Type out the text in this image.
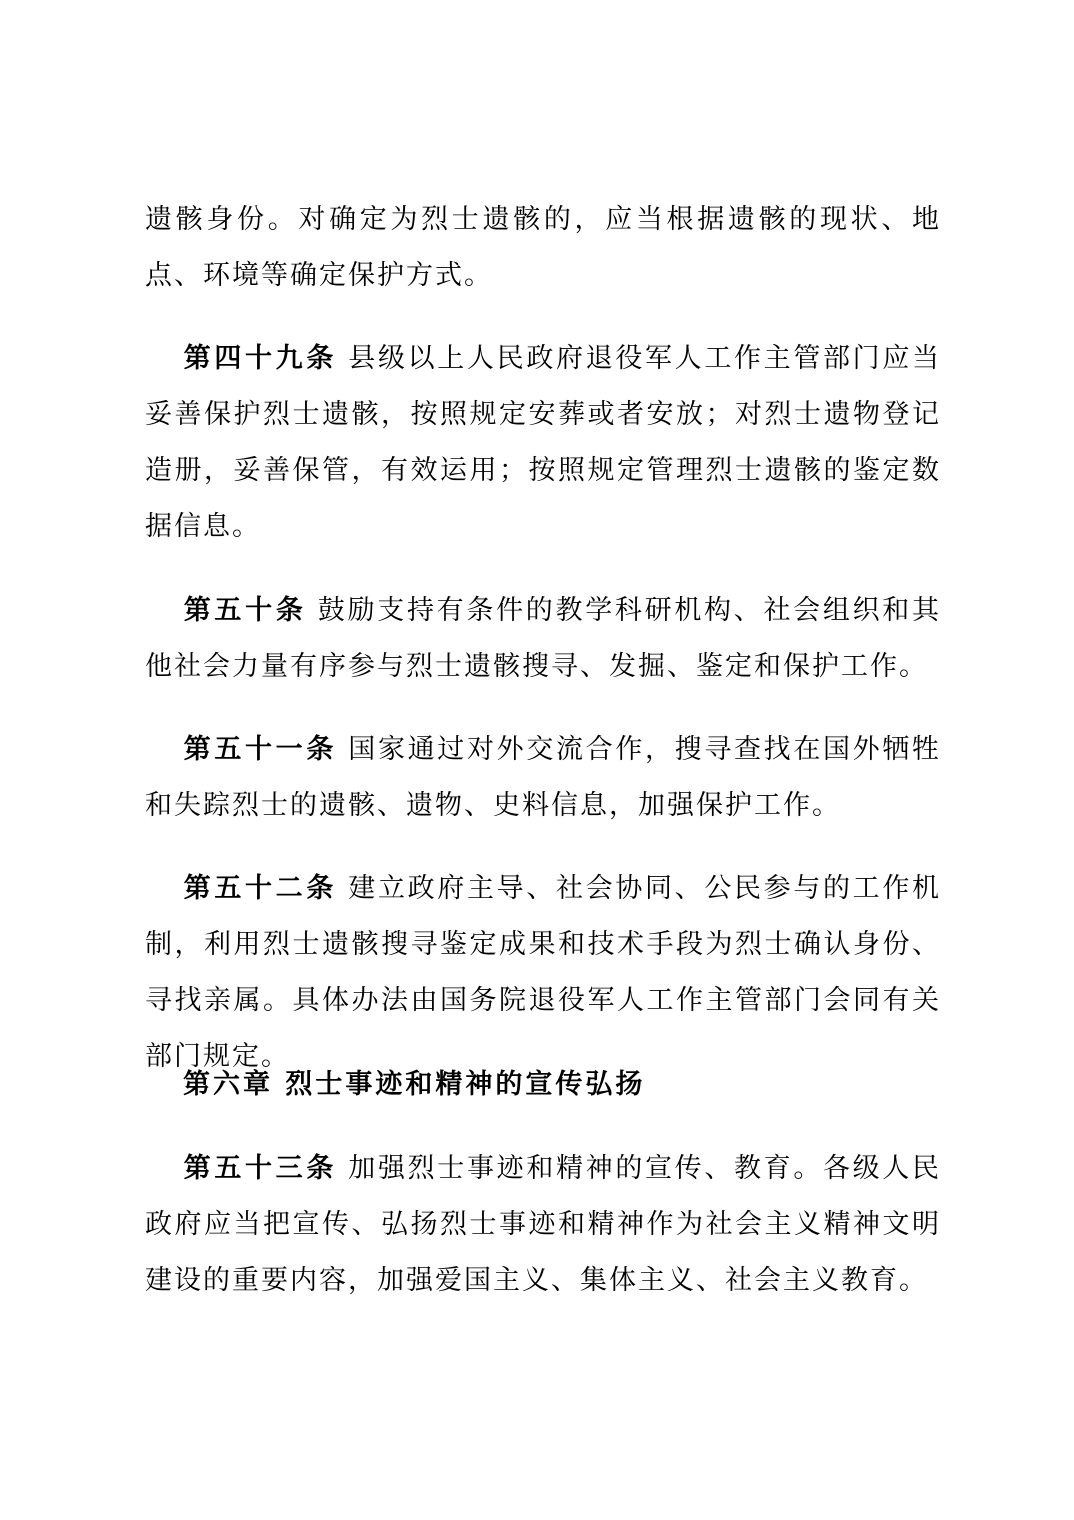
遗骸身份。对确定为烈士遗骸的，应当根据遗骸的现状、地点、环境等确定保护方式。

第四十九条 县级以上人民政府退役军人工作主管部门应当妥善保护烈士遗骸，按照规定安葬或者安放；对烈士遗物登记造册，妥善保管，有效运用；按照规定管理烈士遗骸的鉴定数据信息。

第五十条 鼓励支持有条件的教学科研机构、社会组织和其他社会力量有序参与烈士遗骸搜寻、发掘、鉴定和保护工作。

第五十一条 国家通过对外交流合作，搜寻查找在国外牺牲和失踪烈士的遗骸、遗物、史料信息，加强保护工作。

第五十二条 建立政府主导、社会协同、公民参与的工作机制，利用烈士遗骸搜寻鉴定成果和技术手段为烈士确认身份、寻找亲属。具体办法由国务院退役军人工作主管部门会同有关部门规定。

第六章 烈士事迹和精神的宣传弘扬

第五十三条 加强烈士事迹和精神的宣传、教育。各级人民政府应当把宣传、弘扬烈士事迹和精神作为社会主义精神文明建设的重要内容，加强爱国主义、集体主义、社会主义教育。
